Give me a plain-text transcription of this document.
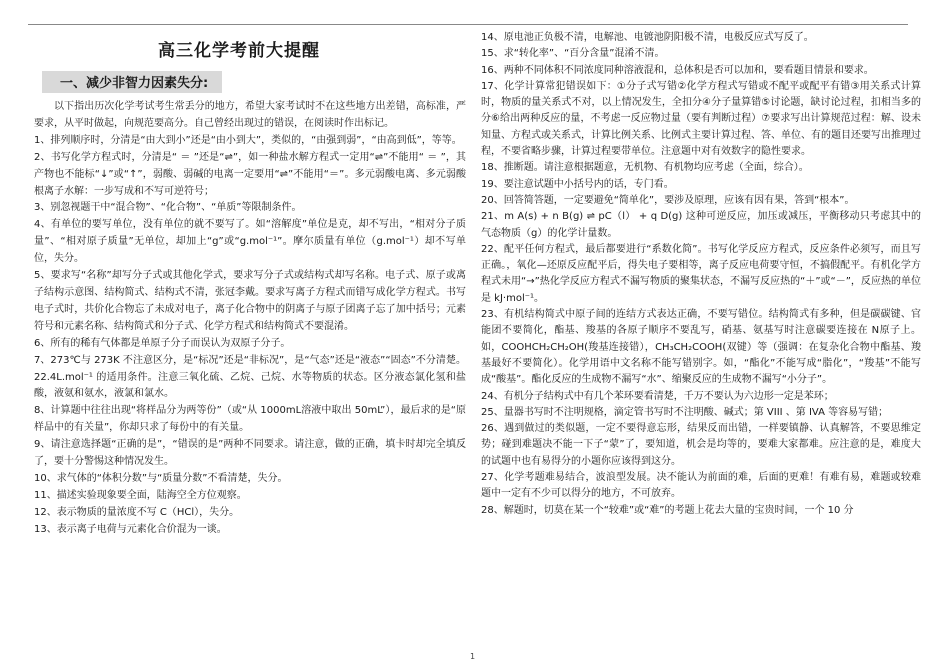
高三化学考前大提醒
一、减少非智力因素失分:

以下指出历次化学考试考生常丢分的地方，希望大家考试时不在这些地方出差错，高标准，严要求，从平时做起，向规范要高分。自己曾经出现过的错误，在阅读时作出标记。

1、排列顺序时，分清是“由大到小”还是“由小到大”，类似的，“由强到弱”，“由高到低”，等等。

2、书写化学方程式时，分清是“ ＝ ”还是“⇌”，如一种盐水解方程式一定用“⇌”不能用“ ＝ ”，其产物也不能标“↓”或“↑”，弱酸、弱碱的电离一定要用“⇌”不能用“＝”。多元弱酸电离、多元弱酸根离子水解：一步写成和不写可逆符号；

3、别忽视题干中“混合物”、“化合物”、“单质”等限制条件。

4、有单位的要写单位，没有单位的就不要写了。如“溶解度”单位是克，却不写出，“相对分子质量”、“相对原子质量”无单位，却加上“g”或“g.mol⁻¹”。摩尔质量有单位（g.mol⁻¹）却不写单位，失分。

5、要求写“名称”却写分子式或其他化学式，要求写分子式或结构式却写名称。电子式、原子或离子结构示意图、结构简式、结构式不清，张冠李戴。要求写离子方程式而错写成化学方程式。书写电子式时，共价化合物忘了未成对电子，离子化合物中的阴离子与原子团离子忘了加中括号；元素符号和元素名称、结构简式和分子式、化学方程式和结构简式不要混淆。

6、所有的稀有气体都是单原子分子而误认为双原子分子。

7、273℃与 273K 不注意区分，是“标况”还是“非标况”，是“气态”还是“液态”“固态”不分清楚。22.4L.mol⁻¹ 的适用条件。注意三氧化硫、乙烷、己烷、水等物质的状态。区分液态氯化氢和盐酸，液氨和氨水，液氯和氯水。

8、计算题中往往出现“将样品分为两等份”（或“从 1000mL溶液中取出 50mL”），最后求的是“原样品中的有关量”，你却只求了每份中的有关量。

9、请注意选择题“正确的是”，“错误的是”两种不同要求。请注意，做的正确，填卡时却完全填反了，要十分警惕这种情况发生。

10、求气体的“体积分数”与“质量分数”不看清楚，失分。

11、描述实验现象要全面，陆海空全方位观察。

12、表示物质的量浓度不写 C（HCl），失分。

13、表示离子电荷与元素化合价混为一谈。

14、原电池正负极不清，电解池、电镀池阴阳极不清，电极反应式写反了。

15、求“转化率”、“百分含量”混淆不清。

16、两种不同体积不同浓度同种溶液混和，总体积是否可以加和，要看题目情景和要求。

17、化学计算常犯错误如下：①分子式写错②化学方程式写错或不配平或配平有错③用关系式计算时，物质的量关系式不对，以上情况发生，全扣分④分子量算错⑤讨论题，缺讨论过程，扣相当多的分⑥给出两种反应的量，不考虑一反应物过量（要有判断过程）⑦要求写出计算规范过程：解、设未知量、方程式或关系式，计算比例关系、比例式主要计算过程、答、单位、有的题目还要写出推理过程，不要省略步骤，计算过程要带单位。注意题中对有效数字的隐性要求。

18、推断题。请注意根据题意，无机物、有机物均应考虑（全面，综合）。

19、要注意试题中小括号内的话，专门看。

20、回答简答题，一定要避免“简单化”，要涉及原理，应该有因有果，答到“根本”。

21、m A(s) + n B(g) ⇌ pC（l） + q D(g) 这种可逆反应，加压或减压，平衡移动只考虑其中的气态物质（g）的化学计量数。

22、配平任何方程式，最后都要进行“系数化简”。书写化学反应方程式，反应条件必须写，而且写正确。，氧化—还原反应配平后，得失电子要相等，离子反应电荷要守恒，不搞假配平。有机化学方程式未用“→”热化学反应方程式不漏写物质的聚集状态，不漏写反应热的“＋”或“－”，反应热的单位是 kJ·mol⁻¹。

23、有机结构简式中原子间的连结方式表达正确，不要写错位。结构简式有多种，但是碳碳键、官能团不要简化，酯基、羧基的各原子顺序不要乱写，硝基、氨基写时注意碳要连接在 N原子上。如，COOHCH₂CH₂OH(羧基连接错），CH₃CH₂COOH(双键）等（强调：在复杂化合物中酯基、羧基最好不要简化）。化学用语中文名称不能写错别字。如，“酯化”不能写成“脂化”，“羧基”不能写成“酸基”。酯化反应的生成物不漏写“水”、缩聚反应的生成物不漏写“小分子”。

24、有机分子结构式中有几个苯环要看清楚，千万不要认为六边形一定是苯环；

25、量器书写时不注明规格，滴定管书写时不注明酸、碱式；第 VIII 、第 IVA 等容易写错；

26、遇到做过的类似题，一定不要得意忘形，结果反而出错，一样要镇静、认真解答，不要思维定势；碰到难题决不能一下子“蒙”了，要知道，机会是均等的，要难大家都难。应注意的是，难度大的试题中也有易得分的小题你应该得到这分。

27、化学考题难易结合，波浪型发展。决不能认为前面的难，后面的更难！有难有易，难题或较难题中一定有不少可以得分的地方，不可放弃。

28、解题时，切莫在某一个“较难”或“难”的考题上花去大量的宝贵时间，一个 10 分

1
